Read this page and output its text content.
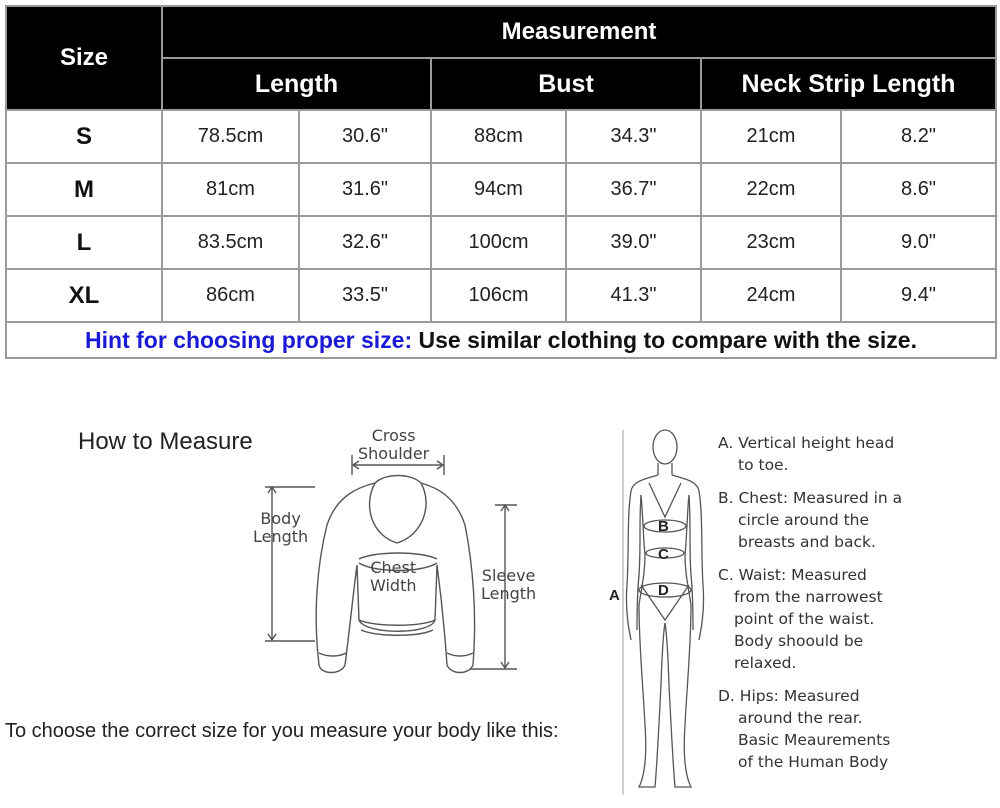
Size	Measurement					
	Length		Bust		Neck Strip Length	
S	78.5cm	30.6"	88cm	34.3"	21cm	8.2"
M	81cm	31.6"	94cm	36.7"	22cm	8.6"
L	83.5cm	32.6"	100cm	39.0"	23cm	9.0"
XL	86cm	33.5"	106cm	41.3"	24cm	9.4"
Hint for choosing proper size: Use similar clothing to compare with the size.						
How to Measure	Cross
Shoulder
Body
Length
Chest
Width
Sleeve
Length
To choose the correct size for you measure your body like this:
B
C
D
A
A. Vertical height head
to toe.
B. Chest: Measured in a
circle around the
breasts and back.
C. Waist: Measured
from the narrowest
point of the waist.
Body shoould be
relaxed.
D. Hips: Measured
around the rear.
Basic Meaurements
of the Human Body
